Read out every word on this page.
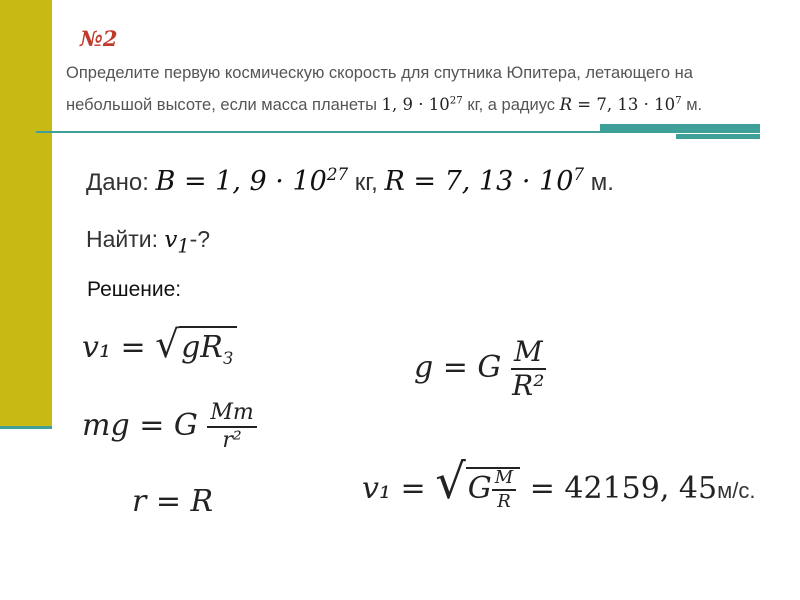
№2
Определите первую космическую скорость для спутника Юпитера, летающего на
небольшой высоте, если масса планеты 1, $9 \cdot 10^{27}$ кг, а радиус R = 7, $13 \cdot 10^7$ м.
Дано: B = 1, $9 \cdot 10^{27}$ кг, R = 7, $13 \cdot 10^7$ м.
Найти: $v_1-$?
Решение:
$v_1 = √gR_З$
mg = G $\frac{Mm}{\text{r²}}$
r = R
g = G $\frac{M}{\text{R²}}$
$v_1 = √G \frac{M}{R} = 42159$, 45м/с.
